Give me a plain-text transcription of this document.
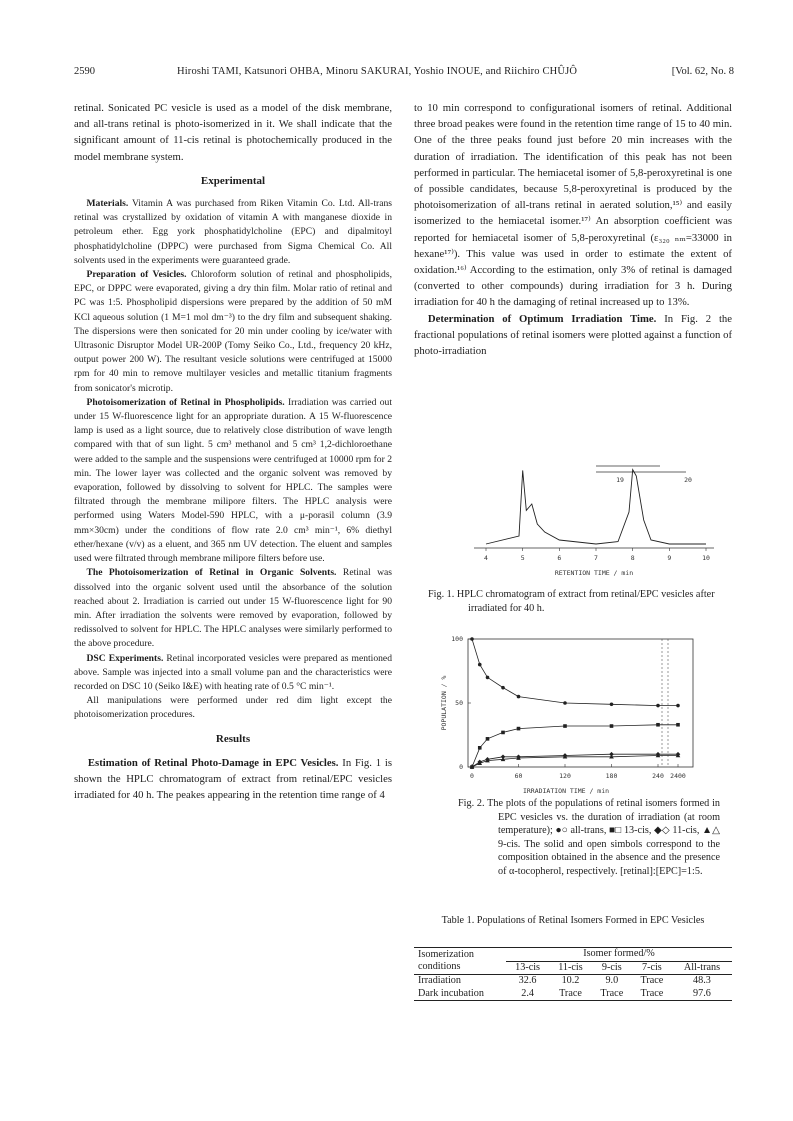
2590	Hiroshi TAMI, Katsunori OHBA, Minoru SAKURAI, Yoshio INOUE, and Riichiro CHÛJÔ	[Vol. 62, No. 8

retinal. Sonicated PC vesicle is used as a model of the disk membrane, and all-trans retinal is photo-isomerized in it. We shall indicate that the significant amount of 11-cis retinal is photochemically produced in the model membrane system.

Experimental

Materials. Vitamin A was purchased from Riken Vitamin Co. Ltd. All-trans retinal was crystallized by oxidation of vitamin A with manganese dioxide in petroleum ether. Egg york phosphatidylcholine (EPC) and dipalmitoyl phosphatidylcholine (DPPC) were purchased from Sigma Chemical Co. All solvents used in the experiments were guaranteed grade.

Preparation of Vesicles. Chloroform solution of retinal and phospholipids, EPC, or DPPC were evaporated, giving a dry thin film. Molar ratio of retinal and PC was 1:5. Phospholipid dispersions were prepared by the addition of 50 mM KCl aqueous solution (1 M=1 mol dm⁻³) to the dry film and subsequent shaking. The dispersions were then sonicated for 20 min under cooling by ice/water with Ultrasonic Disruptor Model UR-200P (Tomy Seiko Co., Ltd., frequency 20 kHz, output power 200 W). The resultant vesicle solutions were centrifuged at 15000 rpm for 40 min to remove multilayer vesicles and metallic titanium fragments from sonicator's microtip.

Photoisomerization of Retinal in Phospholipids. Irradiation was carried out under 15 W-fluorescence light for an appropriate duration. A 15 W-fluorescence lamp is used as a light source, due to relatively close distribution of wave length compared with that of sun light. 5 cm³ methanol and 5 cm³ 1,2-dichloroethane were added to the sample and the suspensions were centrifuged at 10000 rpm for 2 min. The lower layer was collected and the organic solvent was removed by evaporation, followed by dissolving to solvent for HPLC. The samples were filtrated through the membrane milipore filters. The HPLC analysis were performed using Waters Model-590 HPLC, with a μ-porasil column (3.9 mm×30cm) under the conditions of flow rate 2.0 cm³ min⁻¹, 6% diethyl ether/hexane (v/v) as a eluent, and 365 nm UV detection. The eluent and samples used were filtrated through membrane milipore filters before use.

The Photoisomerization of Retinal in Organic Solvents. Retinal was dissolved into the organic solvent used until the absorbance of the solution reached about 2. Irradiation is carried out under 15 W-fluorescence light for 90 min. After irradiation the solvents were removed by evaporation, followed by redissolved to solvent for HPLC. The HPLC analyses were similarly performed to the above procedure.

DSC Experiments. Retinal incorporated vesicles were prepared as mentioned above. Sample was injected into a small volume pan and the characteristics were recorded on DSC 10 (Seiko I&E) with heating rate of 0.5 °C min⁻¹.

All manipulations were performed under red dim light except the photoisomerization procedures.

Results

Estimation of Retinal Photo-Damage in EPC Vesicles. In Fig. 1 is shown the HPLC chromatogram of extract from retinal/EPC vesicles irradiated for 40 h. The peakes appearing in the retention time range of 4

to 10 min correspond to configurational isomers of retinal. Additional three broad peakes were found in the retention time range of 15 to 40 min. One of the three peaks found just before 20 min increases with the duration of irradiation. The identification of this peak has not been performed in particular. The hemiacetal isomer of 5,8-peroxyretinal is one of possible candidates, because 5,8-peroxyretinal is produced by the photoisomerization of all-trans retinal in aerated solution,¹⁵⁾ and easily isomerized to the hemiacetal isomer.¹⁷⁾ An absorption coefficient was reported for hemiacetal isomer of 5,8-peroxyretinal (ε₃₂₀ ₙₘ=33000 in hexane¹⁷⁾). This value was used in order to estimate the extent of oxidation.¹⁶⁾ According to the estimation, only 3% of retinal is damaged (converted to other compounds) during irradiation for 3 h. During irradiation for 40 h the damaging of retinal increased up to 13%.

Determination of Optimum Irradiation Time. In Fig. 2 the fractional populations of retinal isomers were plotted against a function of photo-irradiation

4	5	6	7	8	9	10
19	20
RETENTION TIME / min
Fig. 1. HPLC chromatogram of extract from retinal/EPC vesicles after irradiated for 40 h.
0
50
100
0	60	120	180	240 2400
IRRADIATION TIME / min
POPULATION / %
Fig. 2. The plots of the populations of retinal isomers formed in EPC vesicles vs. the duration of irradiation (at room temperature); ●○ all-trans, ■□ 13-cis, ◆◇ 11-cis, ▲△ 9-cis. The solid and open simbols correspond to the composition obtained in the absence and the presence of α-tocopherol, respectively. [retinal]:[EPC]=1:5.
Table 1. Populations of Retinal Isomers Formed in EPC Vesicles
Isomerization conditions	Isomer formed/%				
	13-cis	11-cis	9-cis	7-cis	All-trans
Irradiation	32.6	10.2	9.0	Trace	48.3
Dark incubation	2.4	Trace	Trace	Trace	97.6
